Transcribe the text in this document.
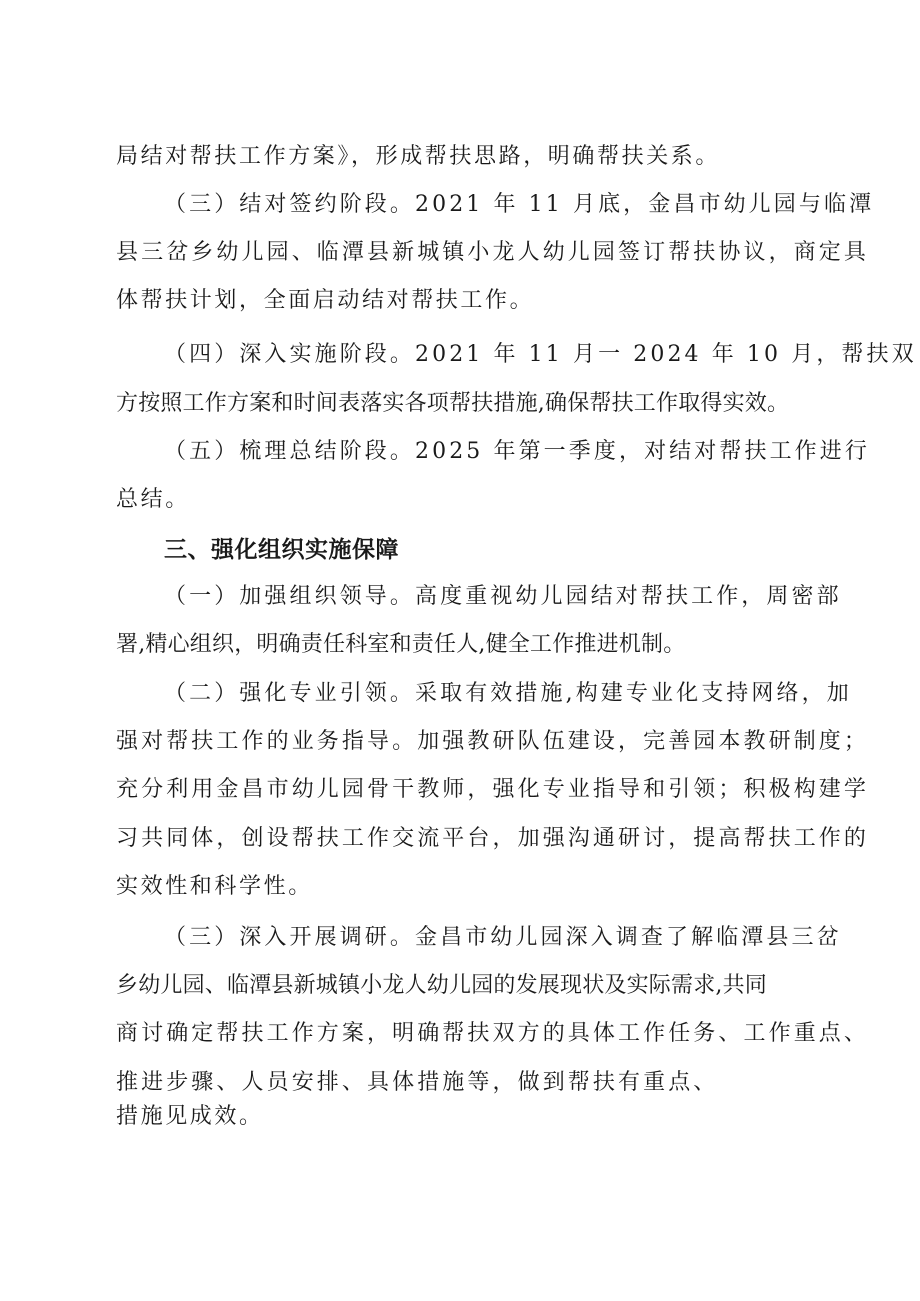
局结对帮扶工作方案》，形成帮扶思路，明确帮扶关系。
（三）结对签约阶段。2021 年 11 月底，金昌市幼儿园与临潭
县三岔乡幼儿园、临潭县新城镇小龙人幼儿园签订帮扶协议，商定具
体帮扶计划，全面启动结对帮扶工作。
（四）深入实施阶段。2021 年 11 月一 2024 年 10 月，帮扶双
方按照工作方案和时间表落实各项帮扶措施,确保帮扶工作取得实效。
（五）梳理总结阶段。2025 年第一季度，对结对帮扶工作进行
总结。
三、强化组织实施保障
（一）加强组织领导。高度重视幼儿园结对帮扶工作，周密部
署,精心组织，明确责任科室和责任人,健全工作推进机制。
（二）强化专业引领。采取有效措施,构建专业化支持网络，加
强对帮扶工作的业务指导。加强教研队伍建设，完善园本教研制度；
充分利用金昌市幼儿园骨干教师，强化专业指导和引领；积极构建学
习共同体，创设帮扶工作交流平台，加强沟通研讨，提高帮扶工作的
实效性和科学性。
（三）深入开展调研。金昌市幼儿园深入调查了解临潭县三岔
乡幼儿园、临潭县新城镇小龙人幼儿园的发展现状及实际需求,共同
商讨确定帮扶工作方案，明确帮扶双方的具体工作任务、工作重点、
推进步骤、人员安排、具体措施等，做到帮扶有重点、
措施见成效。
